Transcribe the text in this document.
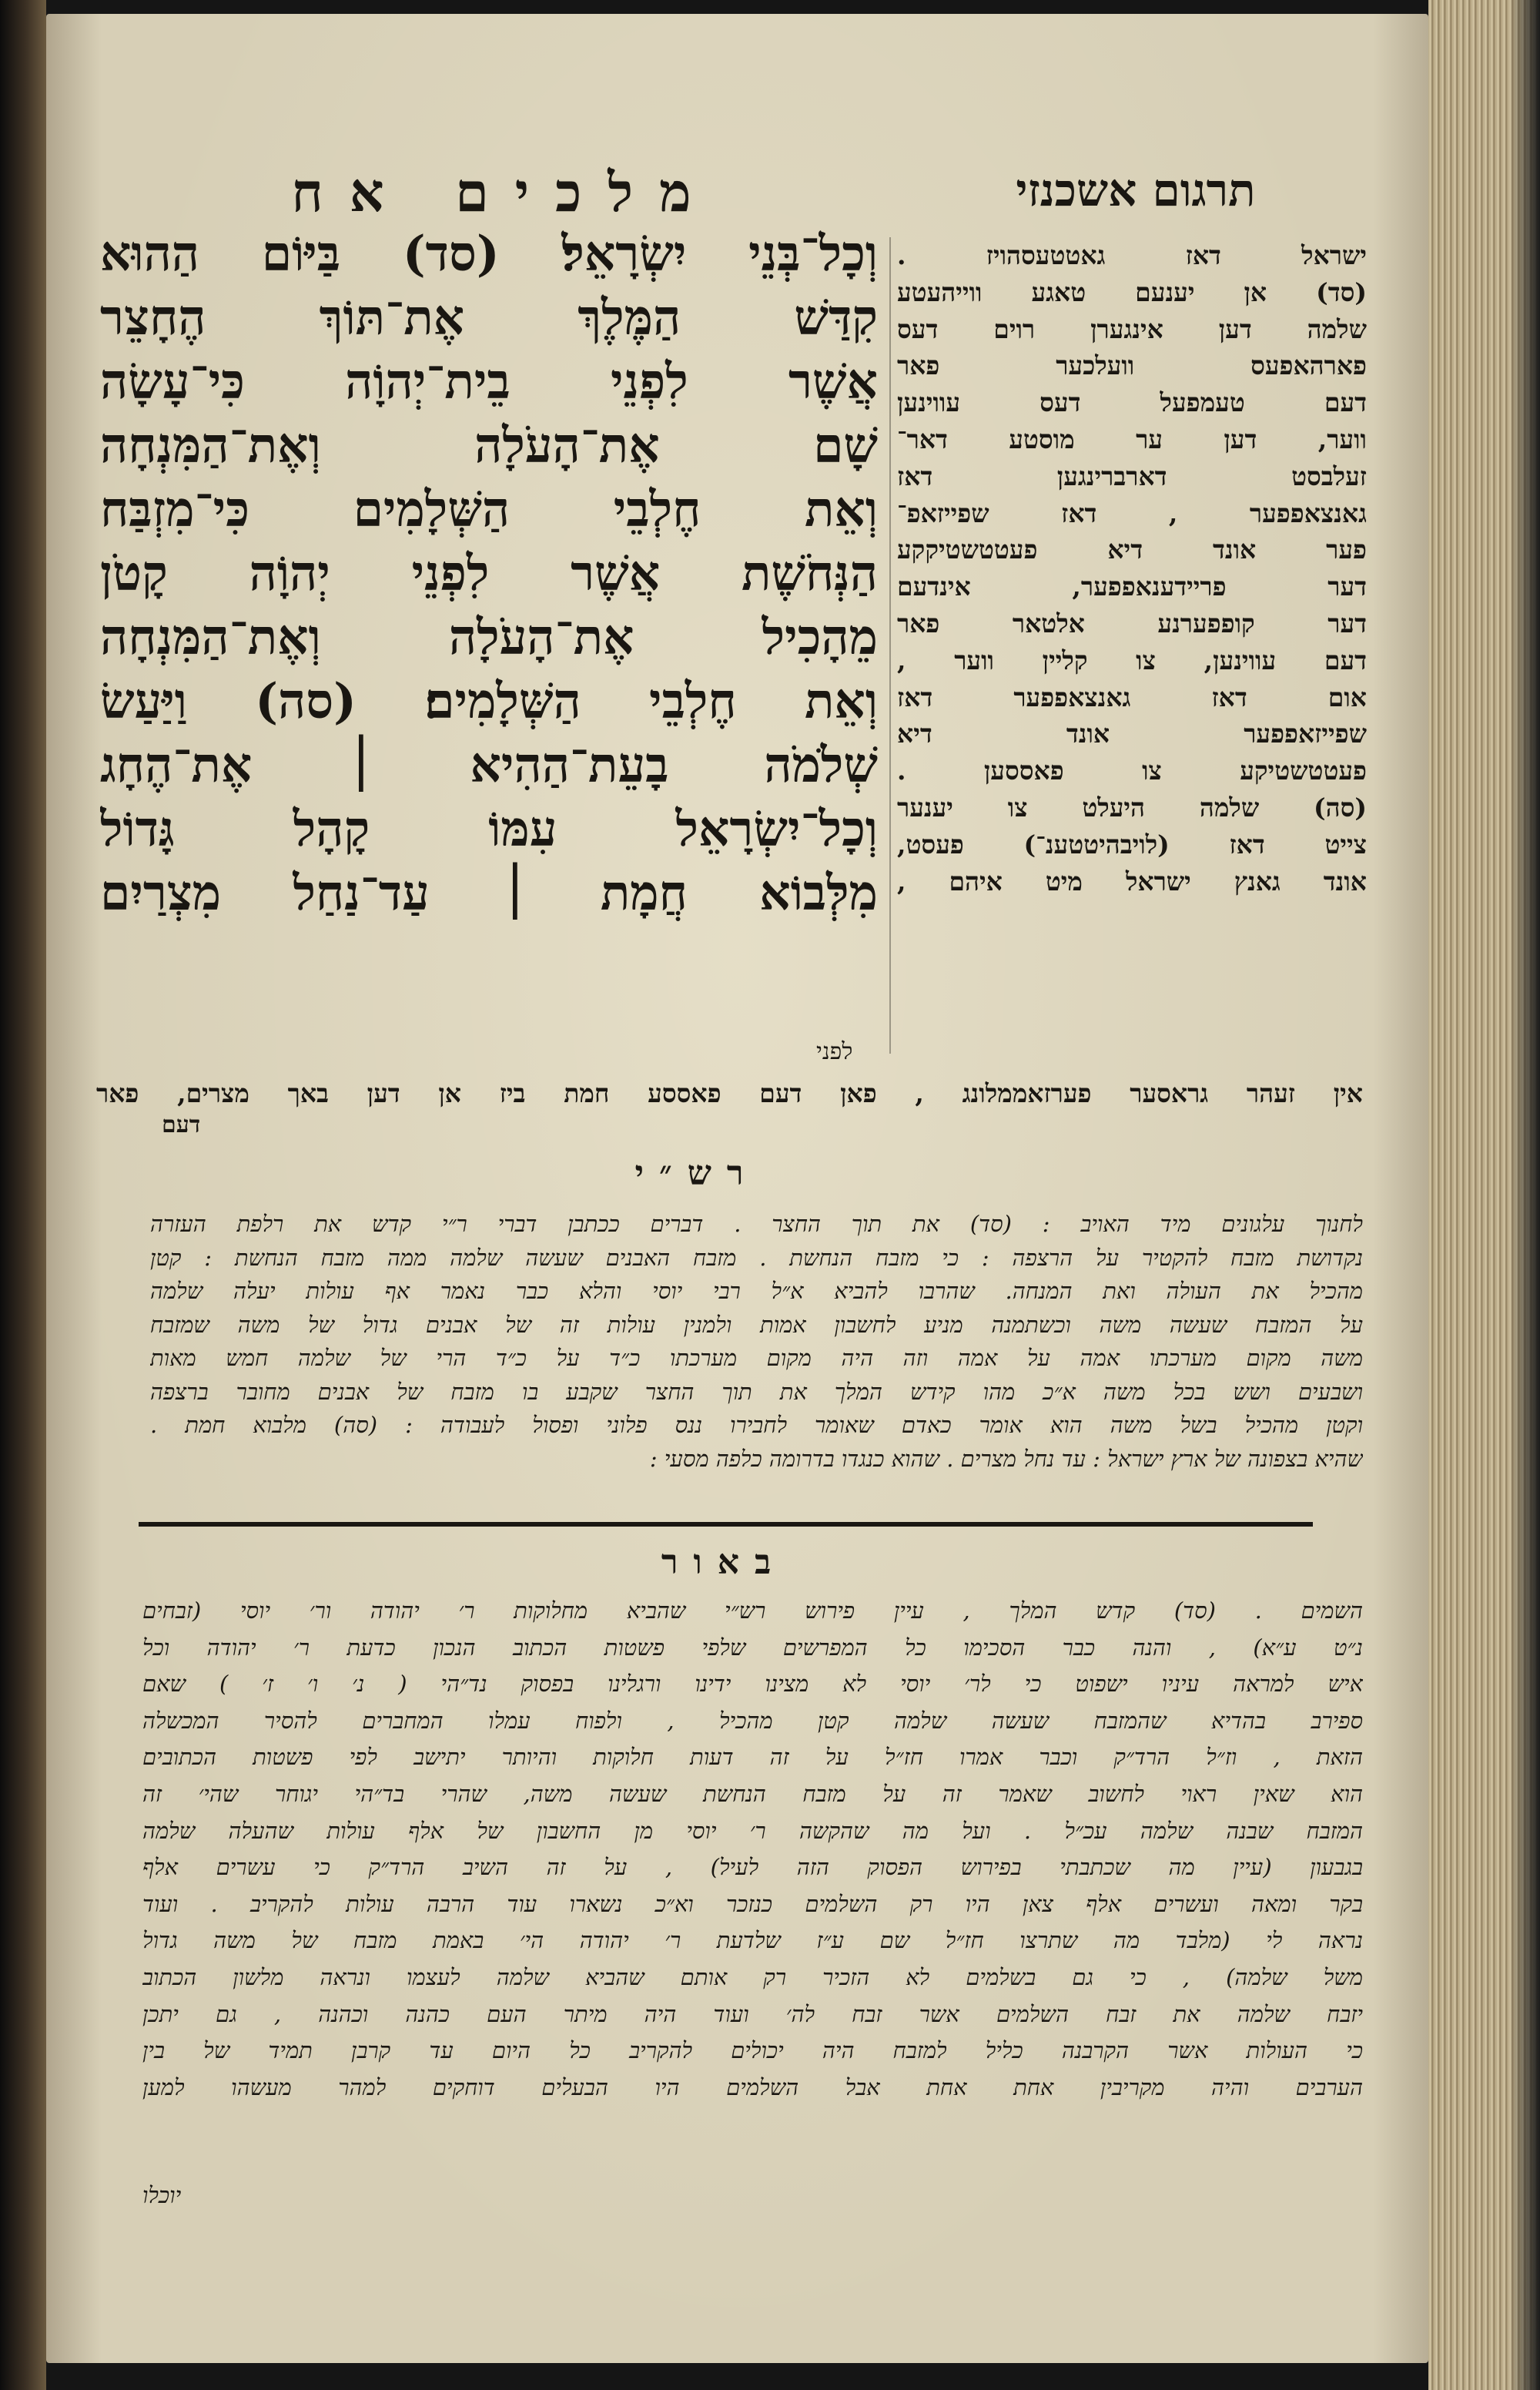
מלכים אח	תרגום אשכנזי
וְכָל־בְּנֵי יִשְׂרָאֵל׃ (סד) בַּיּוֹם הַהוּא
קִדַּשׁ הַמֶּלֶךְ אֶת־תּוֹךְ הֶחָצֵר
אֲשֶׁר לִפְנֵי בֵית־יְהוָֹה כִּי־עָשָׂה
שָׁם אֶת־הָעֹלָה וְאֶת־הַמִּנְחָה
וְאֵת חֶלְבֵי הַשְּׁלָמִים כִּי־מִזְבַּח
הַנְּחֹשֶׁת אֲשֶׁר לִפְנֵי יְהוָֹה קָטֹן
מֵהָכִיל אֶת־הָעֹלָה וְאֶת־הַמִּנְחָה
וְאֵת חֶלְבֵי הַשְּׁלָמִים׃ (סה) וַיַּעַשׂ
שְׁלֹמֹה בָעֵת־הַהִיא ׀ אֶת־הֶחָג
וְכָל־יִשְׂרָאֵל עִמּוֹ קָהָל גָּדוֹל
מִלְּבוֹא חֲמָת ׀ עַד־נַחַל מִצְרַיִם
לפני
ישראל דאז גאטטעסהויז .
(סד) אן יענעם טאגע ווייהעטע
שלמה דען אינגערן רוים דעס
פארהאפעס וועלכער פאר
דעם טעמפעל דעס עווינען
ווער, דען ער מוסטע דאר־
זעלבסט דארברינגען דאז
גאנצאפפער , דאז שפייזאפ־
פער אונד דיא פעטטשטיקקע
דער פריידענאפפער, אינדעם
דער קופפערנע אלטאר פאר
דעם עווינען, צו קליין ווער ,
אום דאז גאנצאפפער דאז
שפייזאפפער אונד דיא
פעטטשטיקע צו פאססען .
(סה) שלמה היעלט צו יענער
צייט דאז (לויבהיטטענ־) פעסט,
אונד גאנץ ישראל מיט איהם ,
אין זעהר גראסער פערזאממלונג , פאן דעם פאססע חמת ביז אן דען באך מצרים, פאר
דעם
רש״י
לחנוך עלגונים מיד האויב : (סד) את תוך החצר . דברים ככתבן דברי ר״י קדש את רלפת העזרה
נקדושת מזבח להקטיר על הרצפה : כי מזבח הנחשת . מזבח האבנים שעשה שלמה ממה מזבח הנחשת : קטן
מהכיל את העולה ואת המנחה. שהרבו להביא א״ל רבי יוסי והלא כבר נאמר אף עולות יעלה שלמה
על המזבח שעשה משה וכשתמנה מניע לחשבון אמות ולמנין עולות זה של אבנים גדול של משה שמזבח
משה מקום מערכתו אמה על אמה וזה היה מקום מערכתו כ״ד על כ״ד הרי של שלמה חמש מאות
ושבעים ושש בכל משה א״כ מהו קידש המלך את תוך החצר שקבע בו מזבח של אבנים מחובר ברצפה
וקטן מהכיל בשל משה הוא אומר כאדם שאומר לחבירו ננס פלוני ופסול לעבודה : (סה) מלבוא חמת .
שהיא בצפונה של ארץ ישראל : עד נחל מצרים . שהוא כנגדו בדרומה כלפה מסעי :
באור
השמים . (סד) קדש המלך , עיין פירוש רש״י שהביא מחלוקות ר׳ יהודה ור׳ יוסי (זבחים
נ״ט ע״א) , והנה כבר הסכימו כל המפרשים שלפי פשטות הכתוב הנכון כדעת ר׳ יהודה וכל
איש למראה עיניו ישפוט כי לר׳ יוסי לא מצינו ידינו ורגלינו בפסוק נד״הי ( נ׳ ו׳ ז׳ ) שאם
ספירב בהדיא שהמזבח שעשה שלמה קטן מהכיל , ולפוח עמלו המחברים להסיר המכשלה
הזאת , וז״ל הרד״ק וכבר אמרו חז״ל על זה דעות חלוקות והיותר יתישב לפי פשטות הכתובים
הוא שאין ראוי לחשוב שאמר זה על מזבח הנחשת שעשה משה, שהרי בד״הי יגוחר שהי׳ זה
המזבח שבנה שלמה עכ״ל . ועל מה שהקשה ר׳ יוסי מן החשבון של אלף עולות שהעלה שלמה
בגבעון (עיין מה שכתבתי בפירוש הפסוק הזה לעיל) , על זה השיב הרד״ק כי עשרים אלף
בקר ומאה ועשרים אלף צאן היו רק השלמים כנזכר וא״כ נשארו עוד הרבה עולות להקריב . ועוד
נראה לי (מלבד מה שתרצו חז״ל שם ע״ז שלדעת ר׳ יהודה הי׳ באמת מזבח של משה גדול
משל שלמה) , כי גם בשלמים לא הזכיר רק אותם שהביא שלמה לעצמו ונראה מלשון הכתוב
יזבח שלמה את זבח השלמים אשר זבח לה׳ ועוד היה מיתר העם כהנה וכהנה , גם יתכן
כי העולות אשר הקרבנה כליל למזבח היה יכולים להקריב כל היום עד קרבן תמיד של בין
הערבים והיה מקריבין אחת אחת אבל השלמים היו הבעלים דוחקים למהר מעשהו למען
יוכלו
